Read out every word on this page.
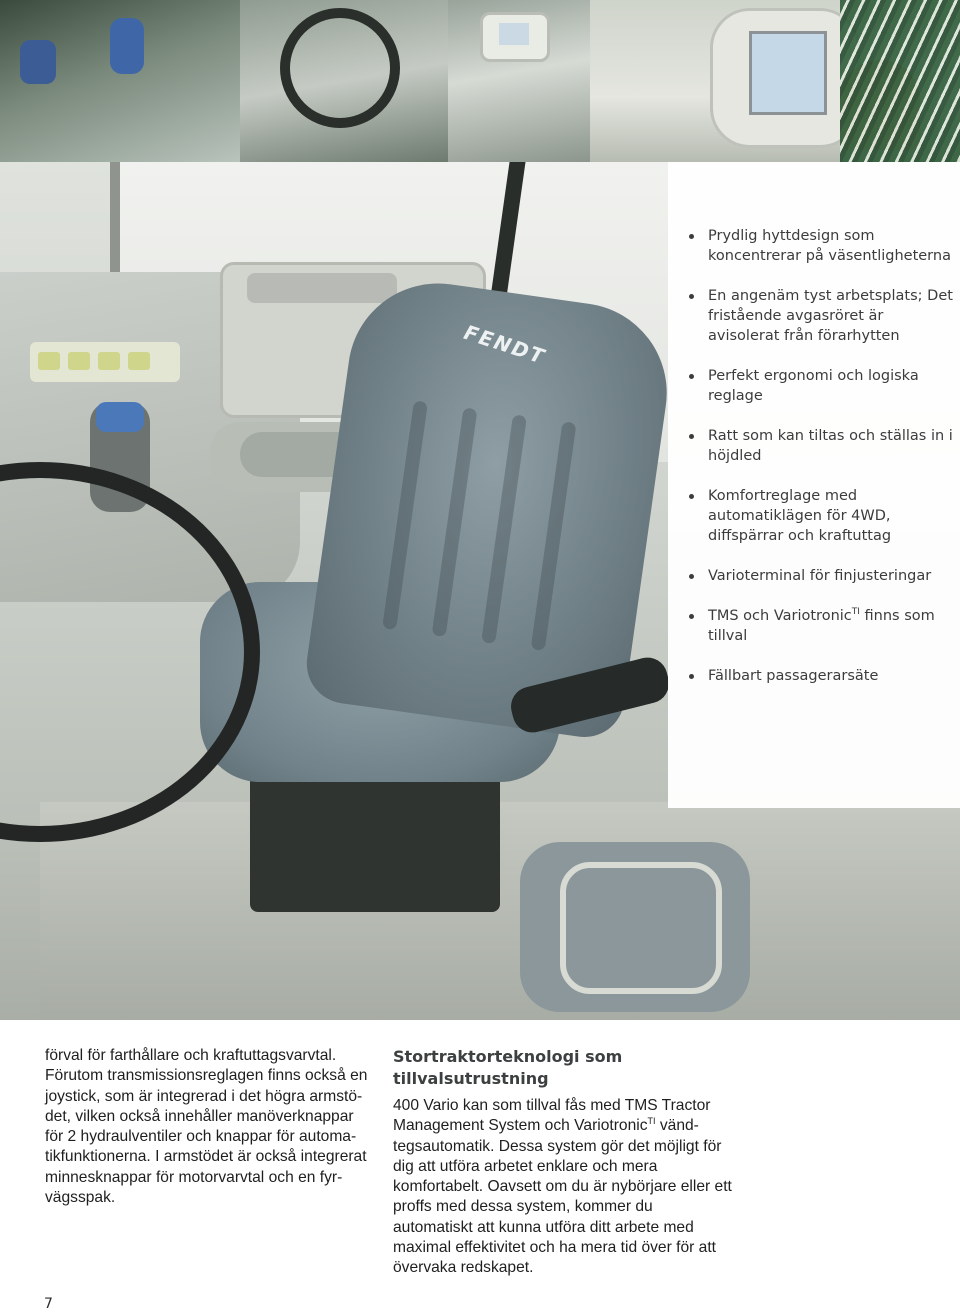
FENDT
Prydlig hyttdesign som koncentrerar på väsentligheterna
En angenäm tyst arbetsplats; Det fristående avgasröret är avisolerat från förarhytten
Perfekt ergonomi och logiska reglage
Ratt som kan tiltas och ställas in i höjdled
Komfortreglage med automatiklägen för 4WD, diffspärrar och kraftuttag
Varioterminal för finjusteringar
TMS och Variotronic$^{TI}$ finns som tillval
Fällbart passagerarsäte

förval för farthållare och kraftuttagsvarvtal.
Förutom transmissionsreglagen finns också en joystick, som är integrerad i det högra armstö-
det, vilken också innehåller manöverknappar för 2 hydraulventiler och knappar för automa-
tikfunktionerna. I armstödet är också integrerat minnesknappar för motorvarvtal och en fyr-
vägsspak.

Stortraktorteknologi som tillvalsutrustning

400 Vario kan som tillval fås med TMS Tractor Management System och Variotronic$^{TI}$ vänd-
tegsautomatik. Dessa system gör det möjligt för dig att utföra arbetet enklare och mera komfortabelt. Oavsett om du är nybörjare eller ett proffs med dessa system, kommer du automatiskt att kunna utföra ditt arbete med maximal effektivitet och ha mera tid över för att övervaka redskapet.

7
